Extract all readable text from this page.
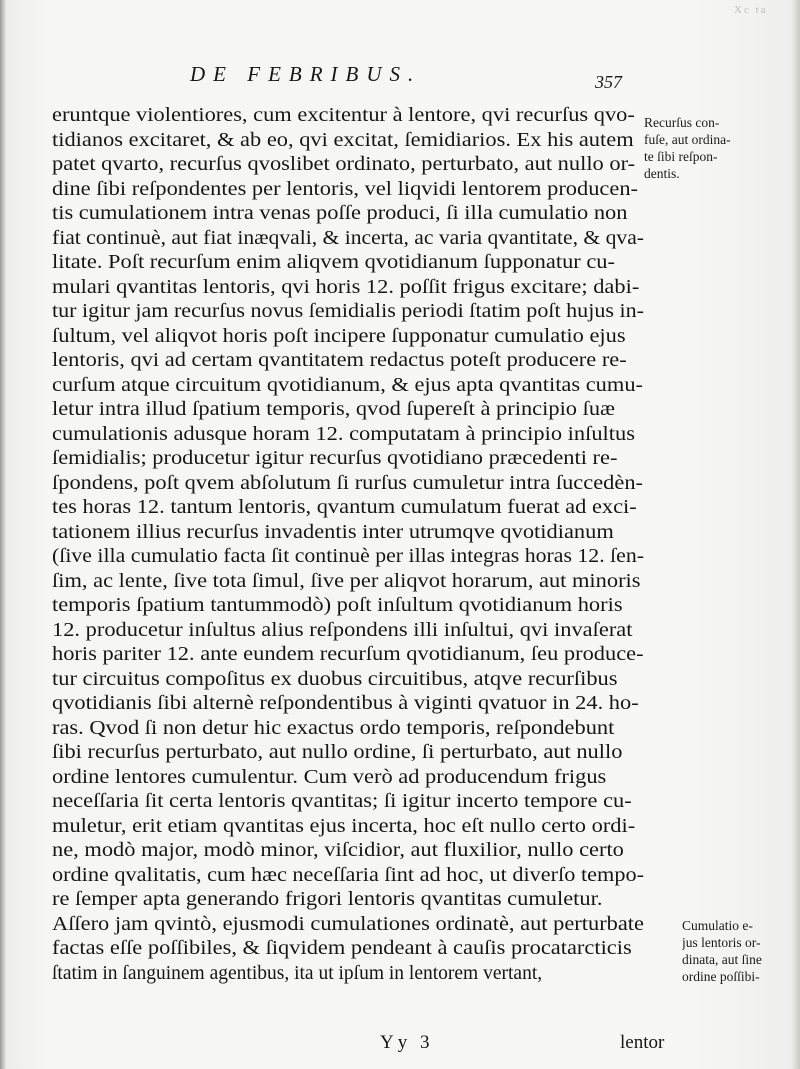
Xc ta
DE FEBRIBUS.	357
eruntque violentiores, cum excitentur à lentore, qvi recurſus qvo-
tidianos excitaret, & ab eo, qvi excitat, ſemidiarios. Ex his autem
patet qvarto, recurſus qvoslibet ordinato, perturbato, aut nullo or-
dine ſibi reſpondentes per lentoris, vel liqvidi lentorem producen-
tis cumulationem intra venas poſſe produci, ſi illa cumulatio non
fiat continuè, aut fiat inæqvali, & incerta, ac varia qvantitate, & qva-
litate. Poſt recurſum enim aliqvem qvotidianum ſupponatur cu-
mulari qvantitas lentoris, qvi horis 12. poſſit frigus excitare; dabi-
tur igitur jam recurſus novus ſemidialis periodi ſtatim poſt hujus in-
ſultum, vel aliqvot horis poſt incipere ſupponatur cumulatio ejus
lentoris, qvi ad certam qvantitatem redactus poteſt producere re-
curſum atque circuitum qvotidianum, & ejus apta qvantitas cumu-
letur intra illud ſpatium temporis, qvod ſupereſt à principio ſuæ
cumulationis adusque horam 12. computatam à principio inſultus
ſemidialis; producetur igitur recurſus qvotidiano præcedenti re-
ſpondens, poſt qvem abſolutum ſi rurſus cumuletur intra ſuccedèn-
tes horas 12. tantum lentoris, qvantum cumulatum fuerat ad exci-
tationem illius recurſus invadentis inter utrumqve qvotidianum
(ſive illa cumulatio facta ſit continuè per illas integras horas 12. ſen-
ſim, ac lente, ſive tota ſimul, ſive per aliqvot horarum, aut minoris
temporis ſpatium tantummodò) poſt inſultum qvotidianum horis
12. producetur inſultus alius reſpondens illi inſultui, qvi invaſerat
horis pariter 12. ante eundem recurſum qvotidianum, ſeu produce-
tur circuitus compoſitus ex duobus circuitibus, atqve recurſibus
qvotidianis ſibi alternè reſpondentibus à viginti qvatuor in 24. ho-
ras. Qvod ſi non detur hic exactus ordo temporis, reſpondebunt
ſibi recurſus perturbato, aut nullo ordine, ſi perturbato, aut nullo
ordine lentores cumulentur. Cum verò ad producendum frigus
neceſſaria ſit certa lentoris qvantitas; ſi igitur incerto tempore cu-
muletur, erit etiam qvantitas ejus incerta, hoc eſt nullo certo ordi-
ne, modò major, modò minor, viſcidior, aut fluxilior, nullo certo
ordine qvalitatis, cum hæc neceſſaria ſint ad hoc, ut diverſo tempo-
re ſemper apta generando frigori lentoris qvantitas cumuletur.
Aſſero jam qvintò, ejusmodi cumulationes ordinatè, aut perturbate
factas eſſe poſſibiles, & ſiqvidem pendeant à cauſis procatarcticis
ſtatim in ſanguinem agentibus, ita ut ipſum in lentorem vertant,
Recurſus con-
fuſe, aut ordina-
te ſibi reſpon-
dentis.
Cumulatio e-
jus lentoris or-
dinata, aut ſine
ordine poſſibi-
Yy 3	lentor
